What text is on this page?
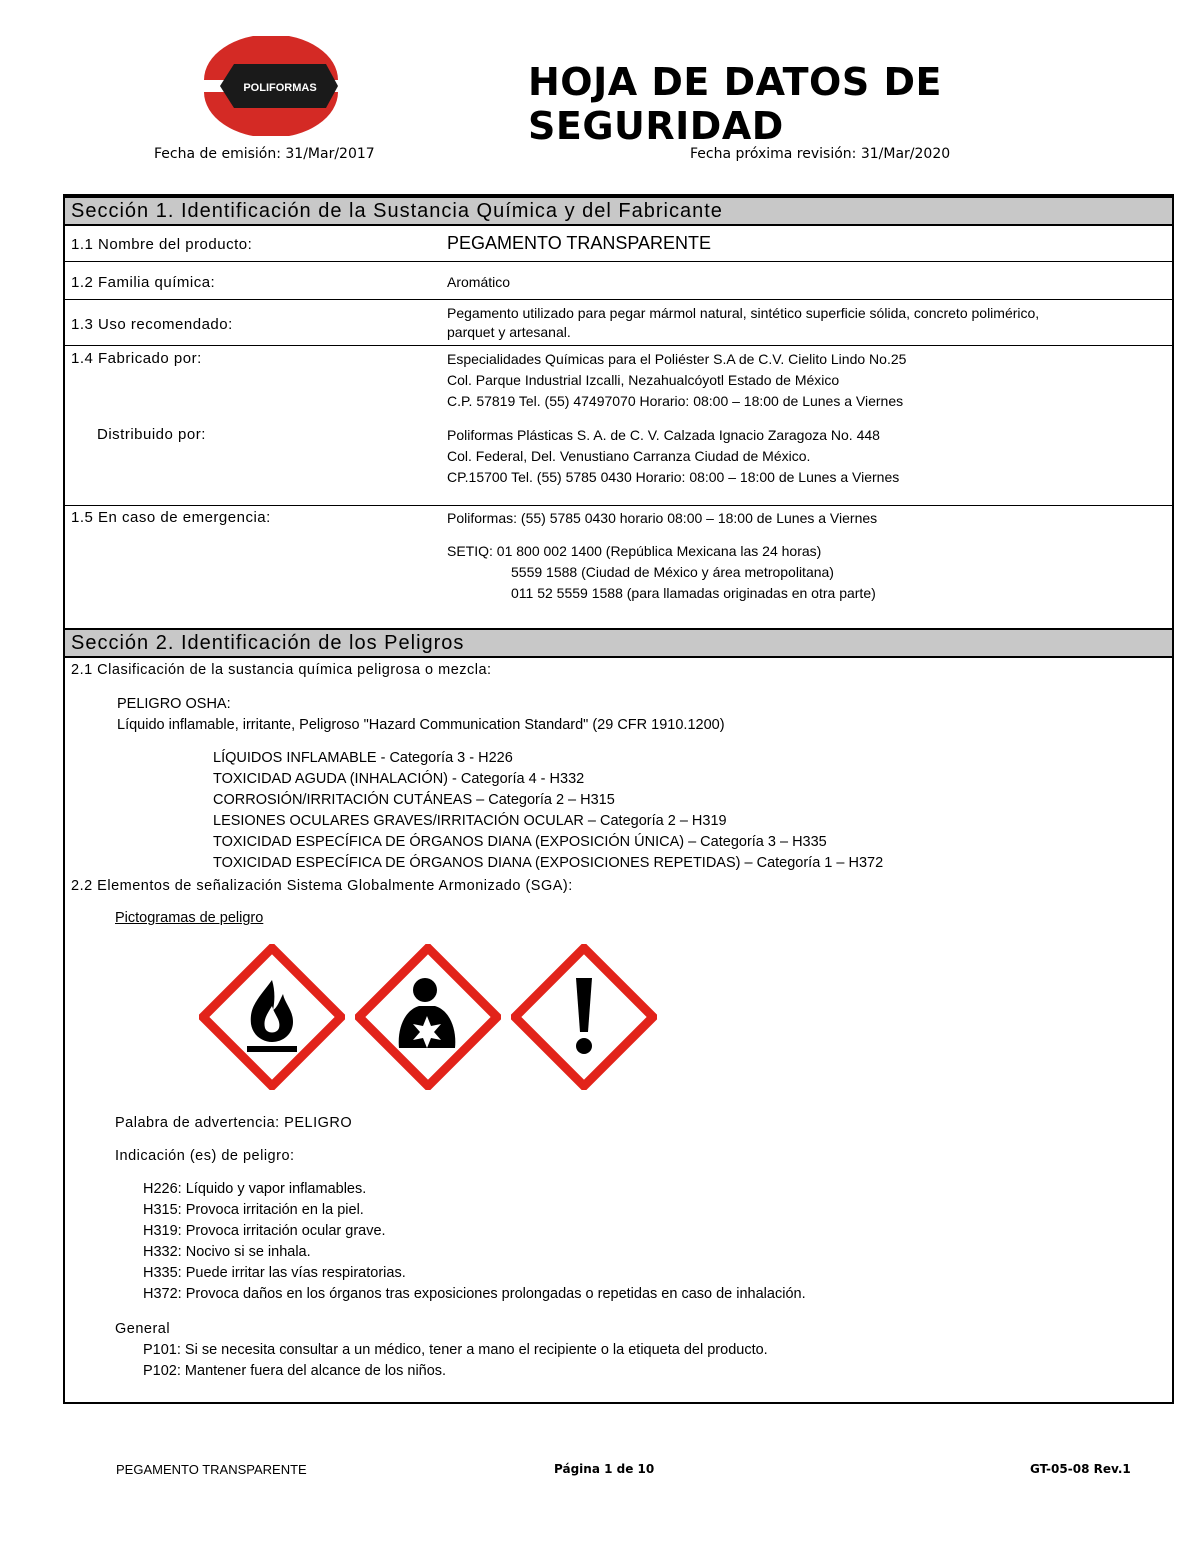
POLIFORMAS	HOJA DE DATOS DE SEGURIDAD
Fecha de emisión: 31/Mar/2017	Fecha próxima revisión: 31/Mar/2020
Sección 1. Identificación de la Sustancia Química y del Fabricante
1.1 Nombre del producto:	PEGAMENTO TRANSPARENTE
1.2 Familia química:	Aromático
1.3 Uso recomendado:
Pegamento utilizado para pegar mármol natural, sintético superficie sólida, concreto polimérico,
parquet y artesanal.
1.4 Fabricado por:	Especialidades Químicas para el Poliéster S.A de C.V. Cielito Lindo No.25
Col. Parque Industrial Izcalli, Nezahualcóyotl Estado de México
C.P. 57819 Tel. (55) 47497070 Horario: 08:00 – 18:00 de Lunes a Viernes
Distribuido por:	Poliformas Plásticas S. A. de C. V. Calzada Ignacio Zaragoza No. 448
Col. Federal, Del. Venustiano Carranza Ciudad de México.
CP.15700 Tel. (55) 5785 0430 Horario: 08:00 – 18:00 de Lunes a Viernes
1.5 En caso de emergencia:	Poliformas: (55) 5785 0430 horario 08:00 – 18:00 de Lunes a Viernes
SETIQ: 01 800 002 1400 (República Mexicana las 24 horas)
5559 1588 (Ciudad de México y área metropolitana)
011 52 5559 1588 (para llamadas originadas en otra parte)
Sección 2. Identificación de los Peligros
2.1 Clasificación de la sustancia química peligrosa o mezcla:
PELIGRO OSHA:
Líquido inflamable, irritante, Peligroso "Hazard Communication Standard" (29 CFR 1910.1200)
LÍQUIDOS INFLAMABLE - Categoría 3 - H226
TOXICIDAD AGUDA (INHALACIÓN) - Categoría 4 - H332
CORROSIÓN/IRRITACIÓN CUTÁNEAS – Categoría 2 – H315
LESIONES OCULARES GRAVES/IRRITACIÓN OCULAR – Categoría 2 – H319
TOXICIDAD ESPECÍFICA DE ÓRGANOS DIANA (EXPOSICIÓN ÚNICA) – Categoría 3 – H335
TOXICIDAD ESPECÍFICA DE ÓRGANOS DIANA (EXPOSICIONES REPETIDAS) – Categoría 1 – H372
2.2 Elementos de señalización Sistema Globalmente Armonizado (SGA):
Pictogramas de peligro
Palabra de advertencia: PELIGRO
Indicación (es) de peligro:
H226: Líquido y vapor inflamables.
H315: Provoca irritación en la piel.
H319: Provoca irritación ocular grave.
H332: Nocivo si se inhala.
H335: Puede irritar las vías respiratorias.
H372: Provoca daños en los órganos tras exposiciones prolongadas o repetidas en caso de inhalación.
General
P101: Si se necesita consultar a un médico, tener a mano el recipiente o la etiqueta del producto.
P102: Mantener fuera del alcance de los niños.
PEGAMENTO TRANSPARENTE	Página 1 de 10	GT-05-08 Rev.1
